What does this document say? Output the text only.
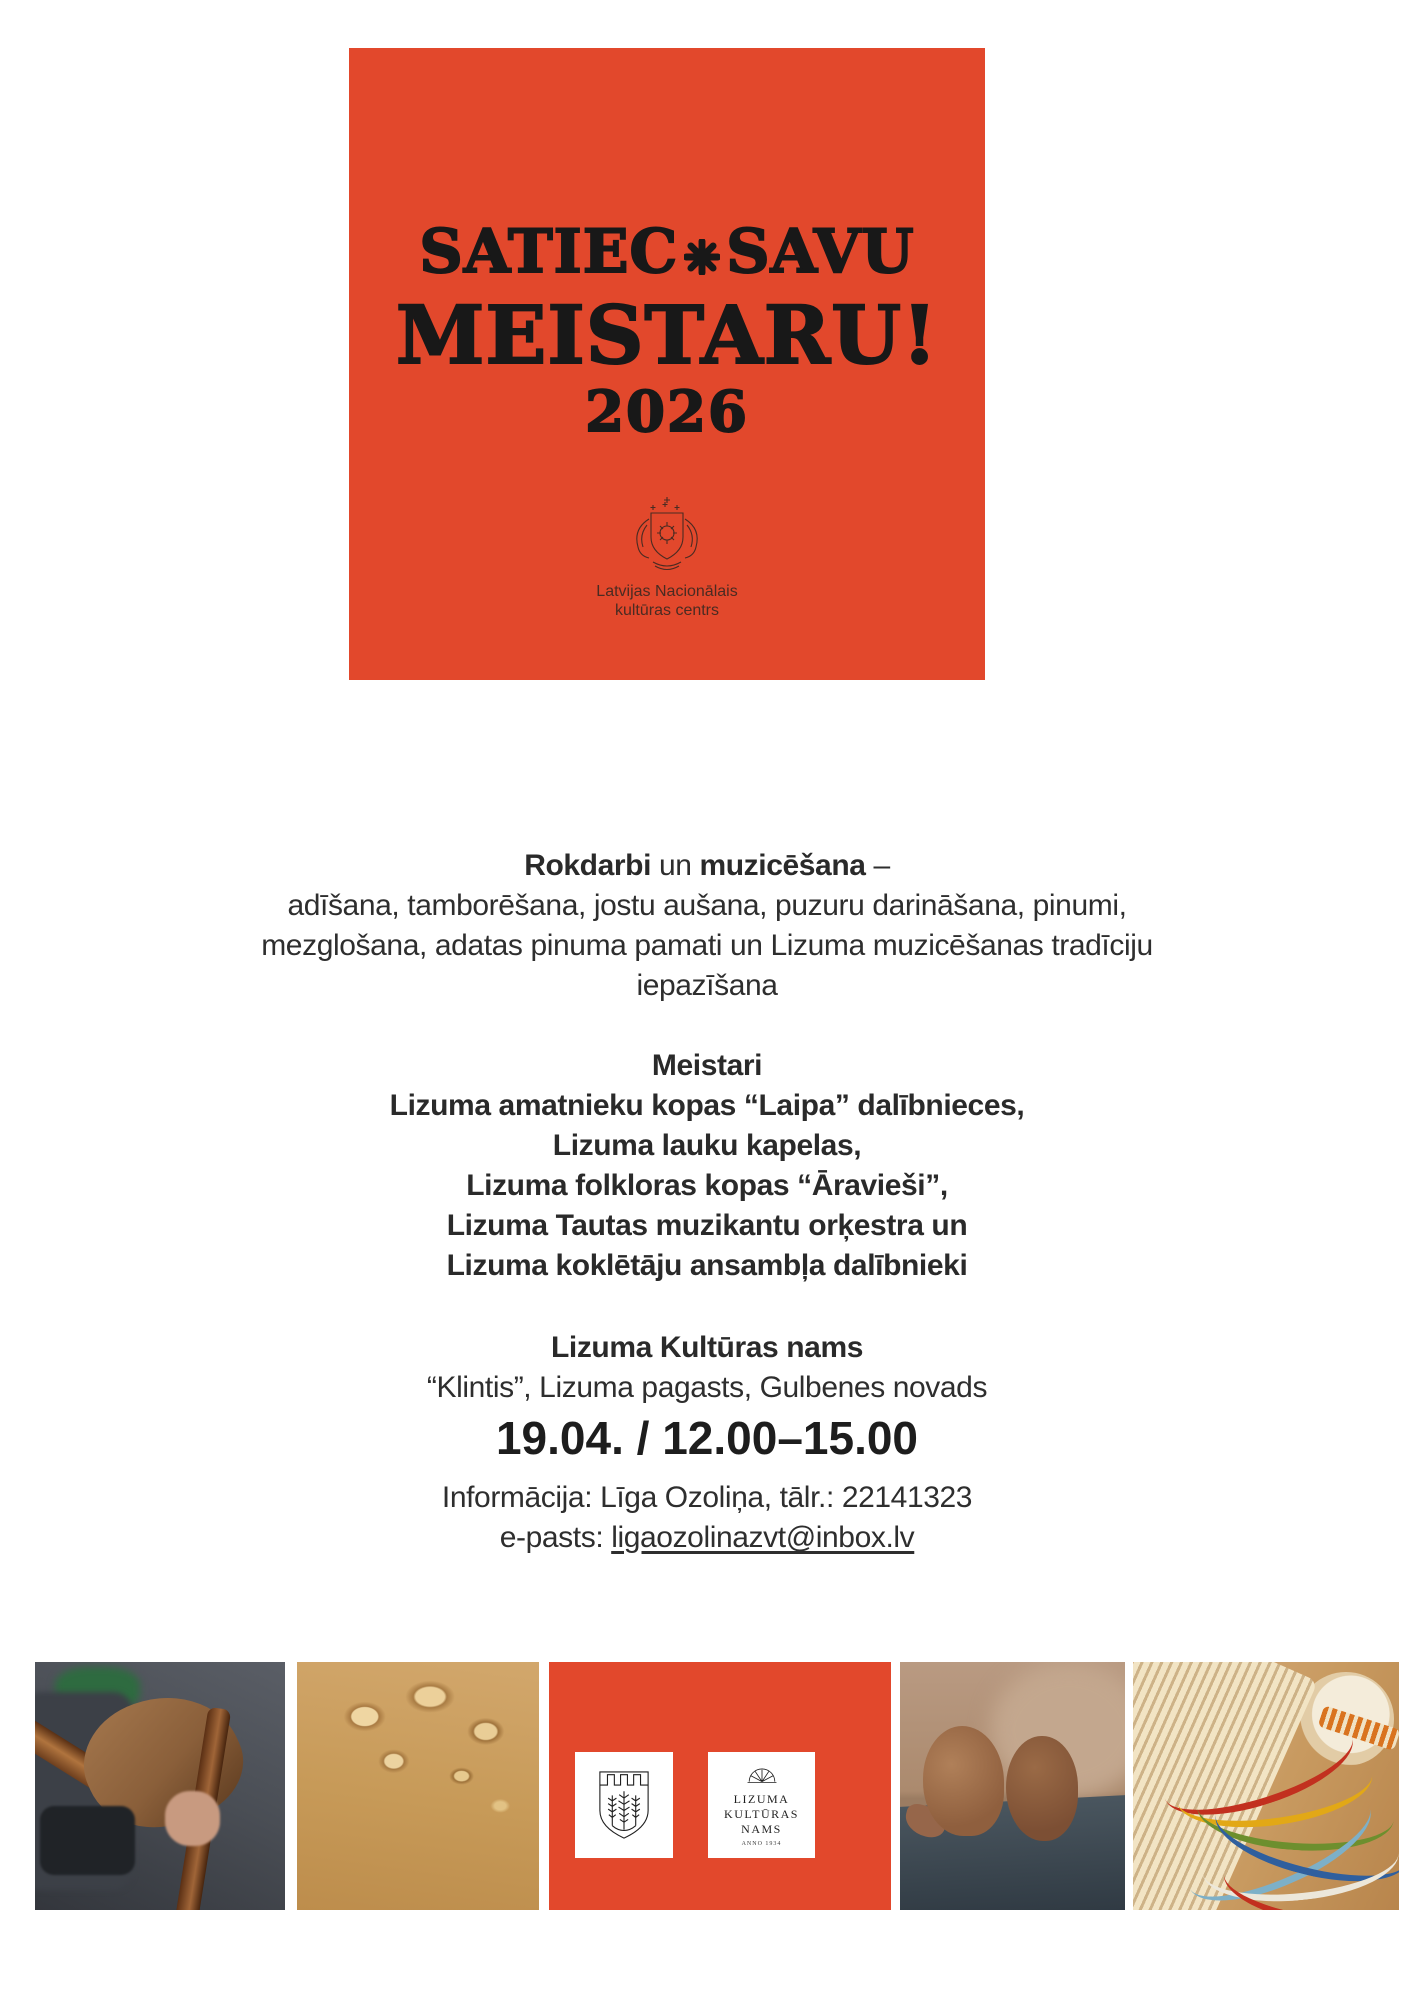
SATIEC SAVU
MEISTARU!
2026
Latvijas Nacionālais
kultūras centrs
Rokdarbi un muzicēšana –
adīšana, tamborēšana, jostu aušana, puzuru darināšana, pinumi,
mezglošana, adatas pinuma pamati un Lizuma muzicēšanas tradīciju
iepazīšana
Meistari
Lizuma amatnieku kopas “Laipa” dalībnieces,
Lizuma lauku kapelas,
Lizuma folkloras kopas “Āravieši”,
Lizuma Tautas muzikantu orķestra un
Lizuma koklētāju ansambļa dalībnieki
Lizuma Kultūras nams
“Klintis”, Lizuma pagasts, Gulbenes novads
19.04. / 12.00–15.00
Informācija: Līga Ozoliņa, tālr.: 22141323
e-pasts: ligaozolinazvt@inbox.lv
LIZUMA
KULTŪRAS
NAMS
ANNO 1934
